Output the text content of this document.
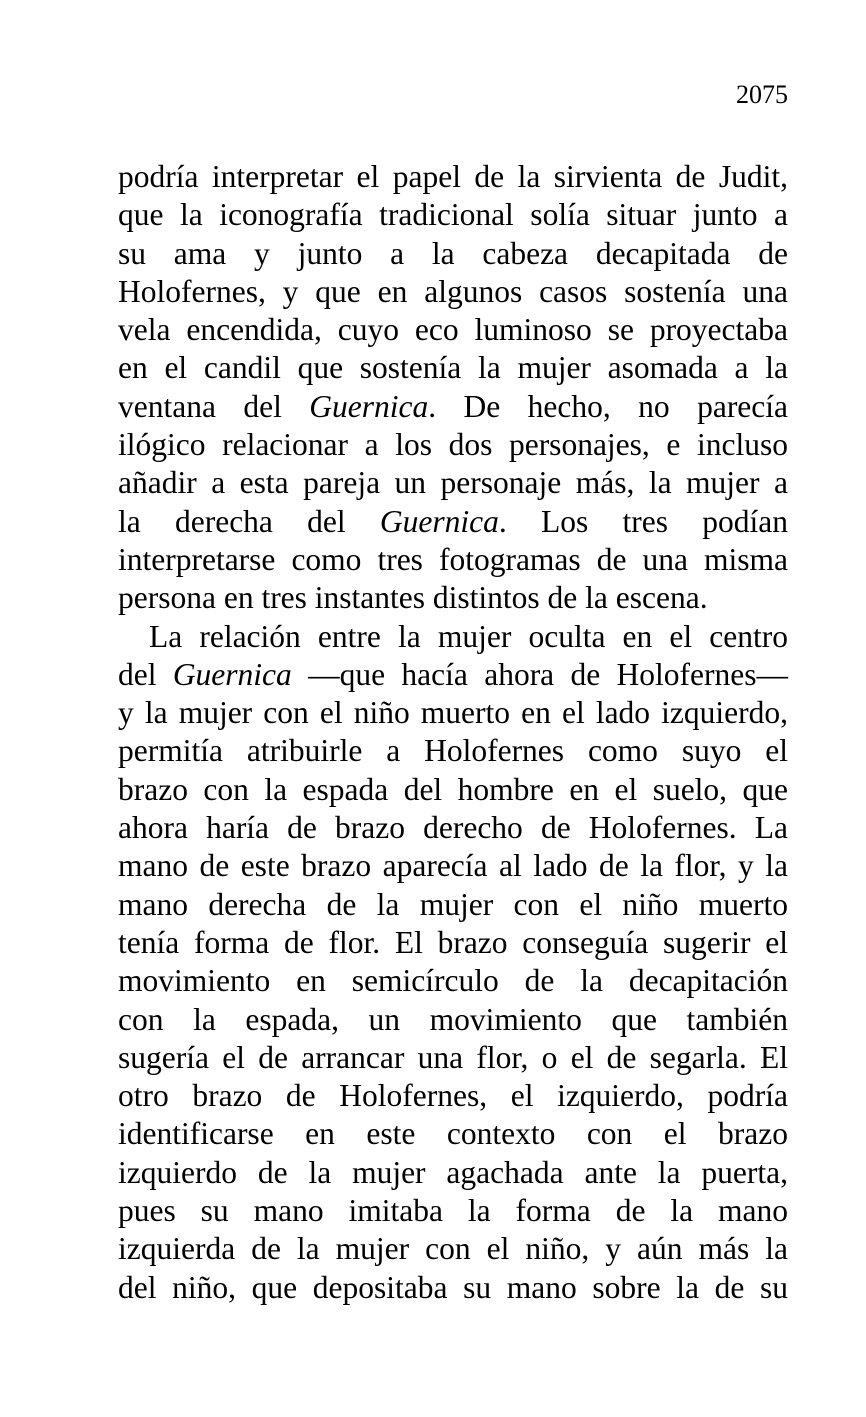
2075
podría interpretar el papel de la sirvienta de Judit,
que la iconografía tradicional solía situar junto a
su ama y junto a la cabeza decapitada de
Holofernes, y que en algunos casos sostenía una
vela encendida, cuyo eco luminoso se proyectaba
en el candil que sostenía la mujer asomada a la
ventana del Guernica. De hecho, no parecía
ilógico relacionar a los dos personajes, e incluso
añadir a esta pareja un personaje más, la mujer a
la derecha del Guernica. Los tres podían
interpretarse como tres fotogramas de una misma
persona en tres instantes distintos de la escena.
La relación entre la mujer oculta en el centro
del Guernica —que hacía ahora de Holofernes—
y la mujer con el niño muerto en el lado izquierdo,
permitía atribuirle a Holofernes como suyo el
brazo con la espada del hombre en el suelo, que
ahora haría de brazo derecho de Holofernes. La
mano de este brazo aparecía al lado de la flor, y la
mano derecha de la mujer con el niño muerto
tenía forma de flor. El brazo conseguía sugerir el
movimiento en semicírculo de la decapitación
con la espada, un movimiento que también
sugería el de arrancar una flor, o el de segarla. El
otro brazo de Holofernes, el izquierdo, podría
identificarse en este contexto con el brazo
izquierdo de la mujer agachada ante la puerta,
pues su mano imitaba la forma de la mano
izquierda de la mujer con el niño, y aún más la
del niño, que depositaba su mano sobre la de su
